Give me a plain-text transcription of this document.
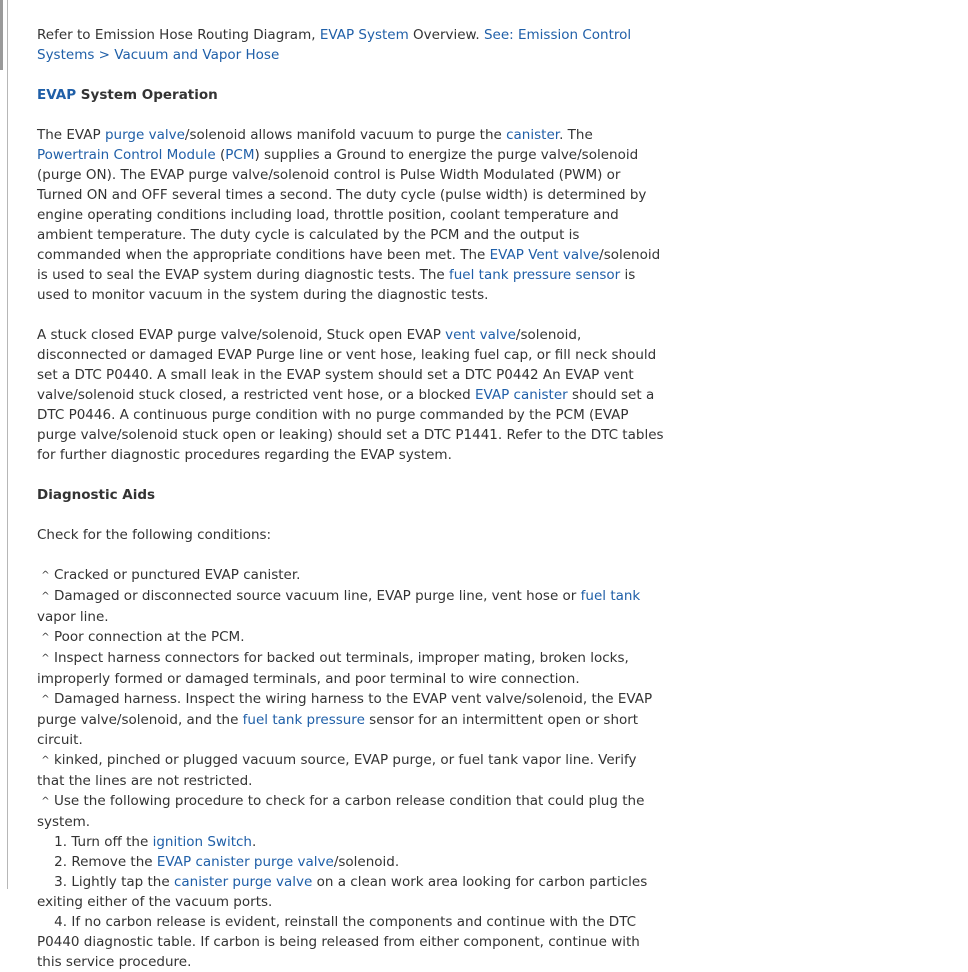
Refer to Emission Hose Routing Diagram, EVAP System Overview. See: Emission Control Systems > Vacuum and Vapor Hose

EVAP System Operation

The EVAP purge valve/solenoid allows manifold vacuum to purge the canister. The Powertrain Control Module (PCM) supplies a Ground to energize the purge valve/solenoid (purge ON). The EVAP purge valve/solenoid control is Pulse Width Modulated (PWM) or Turned ON and OFF several times a second. The duty cycle (pulse width) is determined by engine operating conditions including load, throttle position, coolant temperature and ambient temperature. The duty cycle is calculated by the PCM and the output is commanded when the appropriate conditions have been met. The EVAP Vent valve/solenoid is used to seal the EVAP system during diagnostic tests. The fuel tank pressure sensor is used to monitor vacuum in the system during the diagnostic tests.

A stuck closed EVAP purge valve/solenoid, Stuck open EVAP vent valve/solenoid, disconnected or damaged EVAP Purge line or vent hose, leaking fuel cap, or fill neck should set a DTC P0440. A small leak in the EVAP system should set a DTC P0442 An EVAP vent valve/solenoid stuck closed, a restricted vent hose, or a blocked EVAP canister should set a DTC P0446. A continuous purge condition with no purge commanded by the PCM (EVAP purge valve/solenoid stuck open or leaking) should set a DTC P1441. Refer to the DTC tables for further diagnostic procedures regarding the EVAP system.

Diagnostic Aids

Check for the following conditions:

^ Cracked or punctured EVAP canister.

^ Damaged or disconnected source vacuum line, EVAP purge line, vent hose or fuel tank vapor line.

^ Poor connection at the PCM.

^ Inspect harness connectors for backed out terminals, improper mating, broken locks, improperly formed or damaged terminals, and poor terminal to wire connection.

^ Damaged harness. Inspect the wiring harness to the EVAP vent valve/solenoid, the EVAP purge valve/solenoid, and the fuel tank pressure sensor for an intermittent open or short circuit.

^ kinked, pinched or plugged vacuum source, EVAP purge, or fuel tank vapor line. Verify that the lines are not restricted.

^ Use the following procedure to check for a carbon release condition that could plug the system.

1. Turn off the ignition Switch.

2. Remove the EVAP canister purge valve/solenoid.

3. Lightly tap the canister purge valve on a clean work area looking for carbon particles exiting either of the vacuum ports.

4. If no carbon release is evident, reinstall the components and continue with the DTC P0440 diagnostic table. If carbon is being released from either component, continue with this service procedure.
